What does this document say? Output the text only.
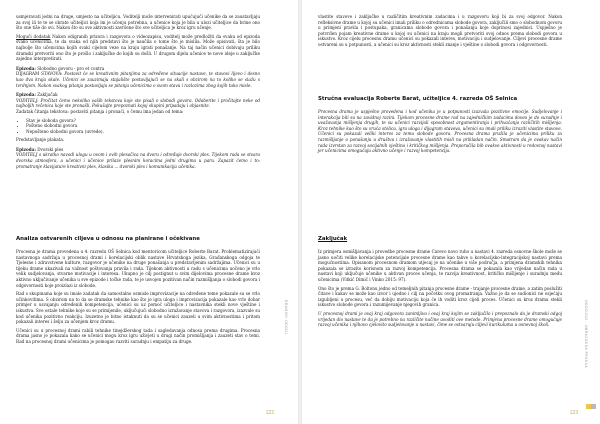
usmjeravati jedni na druge, umjesto na učiteljicu. Voditelji može intervenirati upućujući učenike da se zaustavljaju za svoj ili te te se obrate učiteljici koja im je učenju potrebna, a učenice koja je bila u ulozi učiteljice da brine ono što one tiše do svi. Nakon što su sve aktivnosti završene što sve učiteljica je kroz igru učenje.

Mogući dodatak Nakon odigranih prizora i razgovora o videozapisu, voditelj može predložiti da svaku od epizoda svako ucenicima, te da svaka od njih predstavi što je naučila o tome što je mislila. Može opisivati, šta je bilo najbolje što učenicima kojih svaki cijelom veze na kraju igrati ponašanje. Na taj način učenici dobivaju priliku dramski pretvoriti ono što je prošlo i zaključke do kojih su došli. U drugom dijelu učenice te nove ideje u zaključke zajedno interpretirati.

Epizoda: Slobodno govoru - pro et contra
DIJAGRAM STAVOVA: Postavit će se kreativnim pitanjima za određene situacije nastave, te stavovi lijevo i desno kao dva kraja skale. Učenici se zauzimaju stajalište postavljajući se na skali s obzirom na to koliko se slažu s tvrdnjom. Nakon svakog pitanja postavljaju se pitanja učenicima o svom stavu i razlozima zbog kojih tako misle.

Epizoda: Zaključak
VODITELJ: Pročitat ćemo nekoliko vaših tekstova koje ste pisali o slobodi govora. Odaberite i pročitajte neke od najboljih rečenica koje ste pronašli. Pokušajte prepoznati kojoj skupini pripadaju i objasnite.
Zadatak čitanja tekstova: postaviti pitanja i pronaći, o čemu ima jedan od tema:

• Stav je sloboda govora?
• Pošteno slobodni govora
• Nepošteno slobodni govora (uvrede).

Predstavljanje plakata.

Epizoda: Dvorski ples
VODITELJ s ukratko navodi ulogu u ovom i ovih plesačica na dvoru i određuje dvorski ples. Tijekom rada se stvara dvorska atmosfera, a učenici i učenice prilaze plesnim koracima jedni drugima u paru. Zapazit ćemo i to: promatranje klavijature kreativni ples, klasika ... dvorski ples i komunikacija učenika.

Analiza ostvarenih ciljeva u odnosu na planirane i očekivane

Procesna je drama provedena u 4. razredu OŠ Selnica kod mentoricom učiteljice Roberte Barat. Problematizirajući nastavnoga sadržaja u procesnoj drami i korelacijski oblik nastave Hrvatskoga jezika, Građanskoga odgoja te Tjelesne i zdravstvene kulture, razgovor je učenike na druge ponašanja u predstavljenim sadržajima. Učenici su u tijeku drame ukazivali na važnost poštovanja pravila i rada. Tijekom aktivnosti u radu s učenicima uočeno je vrlo velik sudjelovanja, stvarne motivacije i interesa. Ukupno je cilj postignut u svim dijelovima procesne drame kroz aktivno uključivanje učenika u sve epizode i točke rada, te je usvojen pozitivan način razmišljanja o slobodi govora i odgovornosti koje proizlazi iz slobode.

Rad s skupinama koje su imale zadatak da samostalno osmisle improvizacije na određene teme pokazale su se vrlo učinkovitima. S obzirom na to da se dramske tehnike kao što je igra uloga i improvizacija pokazale kao vrlo dobar primjer u usvajanju određenih kompetencija, učenici su uz pomoć učiteljice i nastavnika stekli nove vještine i iskustva. Sve ostale tehnike koje su se primijenile, uključujući slobodno izražavanje stavova i razgovora, izazvale su kod učenika pozitivno reakciju. Izuzetno je bitno istaknuti da su se učenici zauzeli u svim aktivnostima i pritom pokazali interes i želju za učenjem kroz dramu.

Učenici su u procesnoj drami rabili tehnike tinejdžerskog tada i sagledavanja odnosa prema drugima. Procesna drama jasno je pokazala kako se učenici mogu kroz igru uživjeti u drugi način promišljanja i zauzeti stav o temi. Rad na procesnoj drami učenicima je pomogao razviti suradnju i empatiju za druge.

DRAMSKI ODGOJ
122

vlastite stavove i zaključke u različitim kreativnim zadacima i u razgovoru koji bi za svoj odgovor. Nakon refleksivne drame u kojoj su učenici imali priliku o odrednicama slobode govora, zaključili smo o slobodnom govoru u primjeni pravila i postupaka, granicama slobode govora i ponašanju koje doprinosi zajednici. Uspješno je potvrđen pojam kreativne drame u kojoj su učenici na kraju mogli pretvoriti svoj odnos prema slobodi govora u iskustvo. Kroz cijelu procesnu dramu učenici su pokazali interes, motivaciju i sudjelovanje. Ciljevi procesne drame ostvareni su u potpunosti, a učenici su kroz aktivnosti stekli znanje i vještine o slobodi govora i odgovornosti.

Stručna evaluacija Roberte Barat, učiteljice 4. razreda OŠ Selnica

Procesna drama je uspješno provedena i kod učenika je u potpunosti izazvala pozitivne emocije. Sudjelovanje i interakcija bili su na zavidnoj razini. Tijekom procesne drame rad na zajedničkim zadacima doveo je do suradnje i uvažavanja mišljenja drugih, te su učenici razvijali sposobnost argumentiranja i prihvaćanja različitih mišljenja. Kroz tehnike kao što su vruća stolica, igra uloga i dijagram stavova, učenici su imali priliku izraziti vlastite stavove. Učenici su pokazali veliki interes za temu slobode govora. Procesna drama pružila je učenicima priliku za razmišljanje o ponašanju u društvu i izražavanje vlastitih misli na prikladan način. Smatram da je ovakav način rada izvrstan za razvoj socijalnih vještina i kritičkog mišljenja. Preporučila bih ovakve aktivnosti u redovnoj nastavi jer učenicima omogućuju aktivno učenje i razvoj kompetencija.

Zaključak

Iz primjera osmišljavanja i provedbe procesne drame Carevo novo ruho u nastavi 4. razreda osnovne škole može se jasno uočiti velike korelacijske potencijale procesne drame kao takve u korelacijsko-integracijskoj nastavi prema mogućnostima. Opisanom procesnom dramom utjecaj je na učenike u više područja, a primjena dramskih tehnika pokazala se izrazito korisnom za razvoj kompetencija. Procesna drama se pokazala kao vrijedan način rada u nastavi koji uključuje učenike u aktivan proces učenja, te razvija kreativnost, kritičko mišljenje i suradnju među učenicima (Vitkić Dimić i Vinko 2015: 97).

Ono što je prema G. Boltonu jedno od temeljnih pitanja procesne drame - trajanje procesne drame, a zatim poslužiti čitave i kakav se može kao izvor i ujedno i cilj na početku ovog promatranja. Važno je da se sudionici ne osjećaju izgubljeni u procesu, već da dobiju motivaciju koja će ih voditi kroz cijeli proces. Učenici su kroz dramu stekli iskustvo slobode govora i razumijevanje njegovih granica.

U procesnoj drami je ovaj kraj odgovora zanimljivo i ovaj kraj kojim se zaključilo i prepoznalo da je dramski odgoj vrijedan dio nastave te da je potrebno na različite načine uvoditi ove metode. Primjena procesne drame omogućuje razvoj učenika i njihovo cjelovito sudjelovanje u nastavi, čime se ostvaruju ciljevi kurikuluma u osnovnoj školi.	ODGOJNO - OBRAZOVNA PRAKSA
123
